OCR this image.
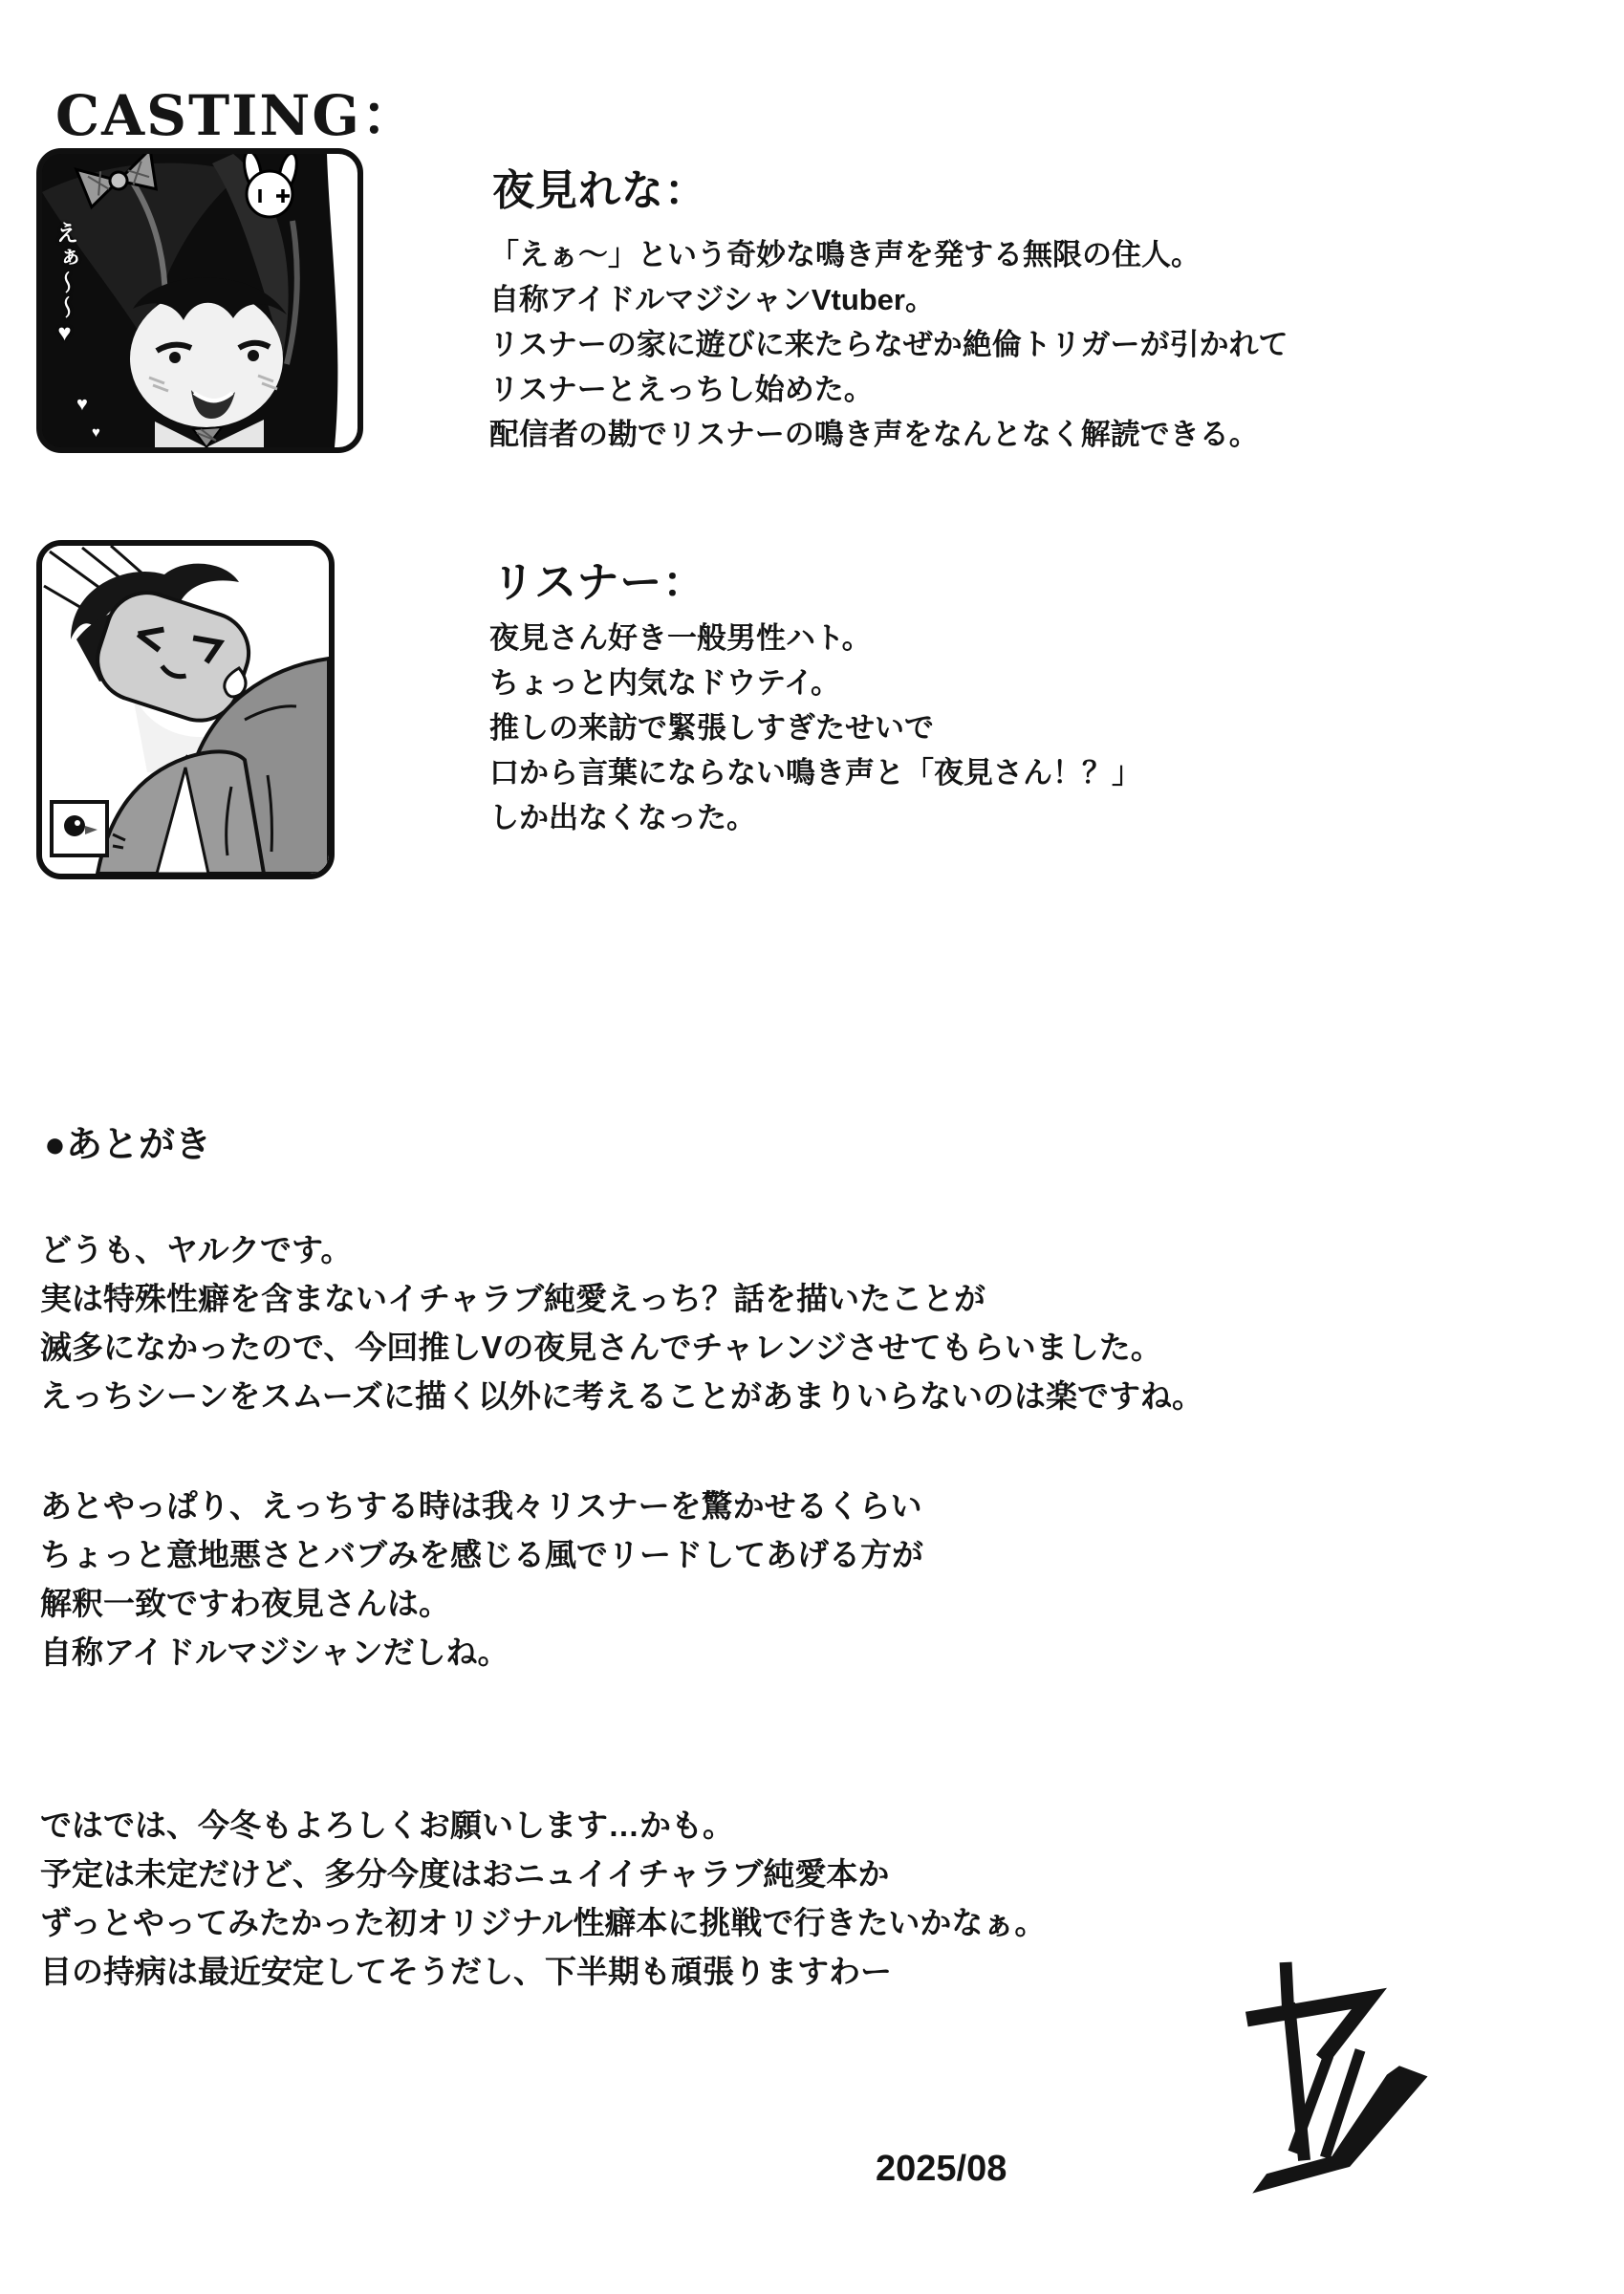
CASTING：
♥
♥
えぁ～～♥
夜見れな：
「えぁ～」という奇妙な鳴き声を発する無限の住人。
自称アイドルマジシャンVtuber。
リスナーの家に遊びに来たらなぜか絶倫トリガーが引かれて
リスナーとえっちし始めた。
配信者の勘でリスナーの鳴き声をなんとなく解読できる。
リスナー：
夜見さん好き一般男性ハト。
ちょっと内気なドウテイ。
推しの来訪で緊張しすぎたせいで
口から言葉にならない鳴き声と「夜見さん！？」
しか出なくなった。
●あとがき
どうも、ヤルクです。
実は特殊性癖を含まないイチャラブ純愛えっち？話を描いたことが
滅多になかったので、今回推しVの夜見さんでチャレンジさせてもらいました。
えっちシーンをスムーズに描く以外に考えることがあまりいらないのは楽ですね。
あとやっぱり、えっちする時は我々リスナーを驚かせるくらい
ちょっと意地悪さとバブみを感じる風でリードしてあげる方が
解釈一致ですわ夜見さんは。
自称アイドルマジシャンだしね。
ではでは、今冬もよろしくお願いします…かも。
予定は未定だけど、多分今度はおニュイイチャラブ純愛本か
ずっとやってみたかった初オリジナル性癖本に挑戦で行きたいかなぁ。
目の持病は最近安定してそうだし、下半期も頑張りますわー
2025/08
